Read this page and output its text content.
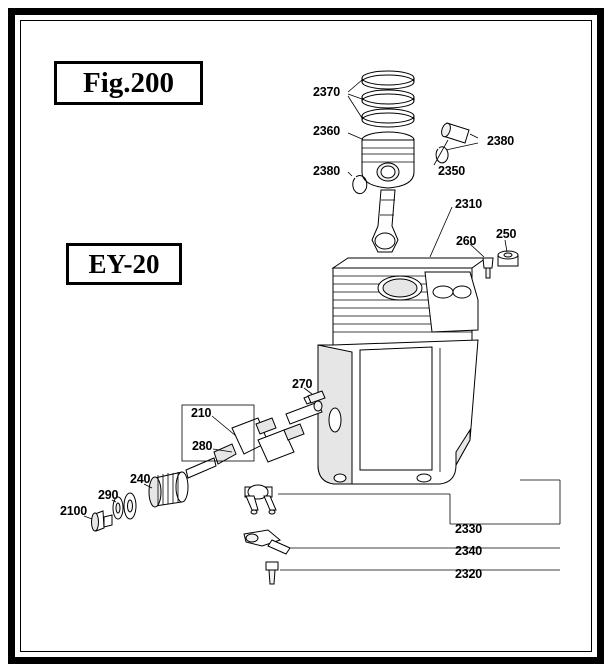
Fig.200
EY-20
2370
2360
2380
2380
2350
2310
260 250
270
210
280
240
290
2100
2330
2340
2320
